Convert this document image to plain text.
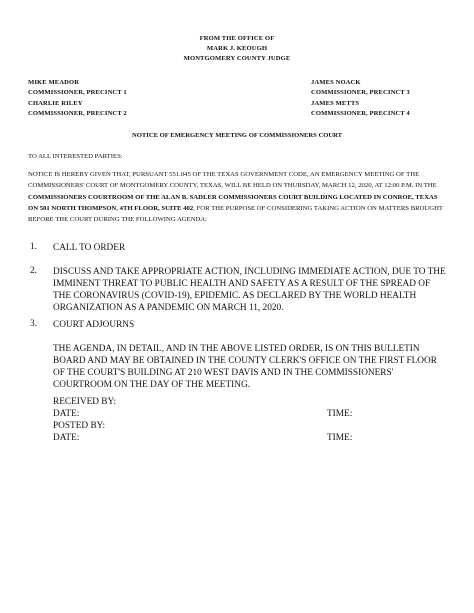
FROM THE OFFICE OF
MARK J. KEOUGH
MONTGOMERY COUNTY JUDGE
MIKE MEADOR
COMMISSIONER, PRECINCT 1
CHARLIE RILEY
COMMISSIONER, PRECINCT 2
JAMES NOACK
COMMISSIONER, PRECINCT 3
JAMES METTS
COMMISSIONER, PRECINCT 4
NOTICE OF EMERGENCY MEETING OF COMMISSIONERS COURT
TO ALL INTERESTED PARTIES:
NOTICE IS HEREBY GIVEN THAT, PURSUANT 551.045 OF THE TEXAS GOVERNMENT CODE, AN EMERGENCY MEETING OF THE COMMISSIONERS' COURT OF MONTGOMERY COUNTY, TEXAS, WILL BE HELD ON THURSDAY, MARCH 12, 2020, AT 12:00 P.M. IN THE COMMISSIONERS COURTROOM OF THE ALAN B. SADLER COMMISSIONERS COURT BUILDING LOCATED IN CONROE, TEXAS ON 501 NORTH THOMPSON, 4TH FLOOR, SUITE 402, FOR THE PURPOSE OF CONSIDERING TAKING ACTION ON MATTERS BROUGHT BEFORE THE COURT DURING THE FOLLOWING AGENDA:
1. CALL TO ORDER
2. DISCUSS AND TAKE APPROPRIATE ACTION, INCLUDING IMMEDIATE ACTION, DUE TO THE IMMINENT THREAT TO PUBLIC HEALTH AND SAFETY AS A RESULT OF THE SPREAD OF THE CORONAVIRUS (COVID-19), EPIDEMIC. AS DECLARED BY THE WORLD HEALTH ORGANIZATION AS A PANDEMIC ON MARCH 11, 2020.
3. COURT ADJOURNS
THE AGENDA, IN DETAIL, AND IN THE ABOVE LISTED ORDER, IS ON THIS BULLETIN BOARD AND MAY BE OBTAINED IN THE COUNTY CLERK'S OFFICE ON THE FIRST FLOOR OF THE COURT'S BUILDING AT 210 WEST DAVIS AND IN THE COMMISSIONERS' COURTROOM ON THE DAY OF THE MEETING.
RECEIVED BY:
DATE:	TIME:
POSTED BY:
DATE:	TIME:
